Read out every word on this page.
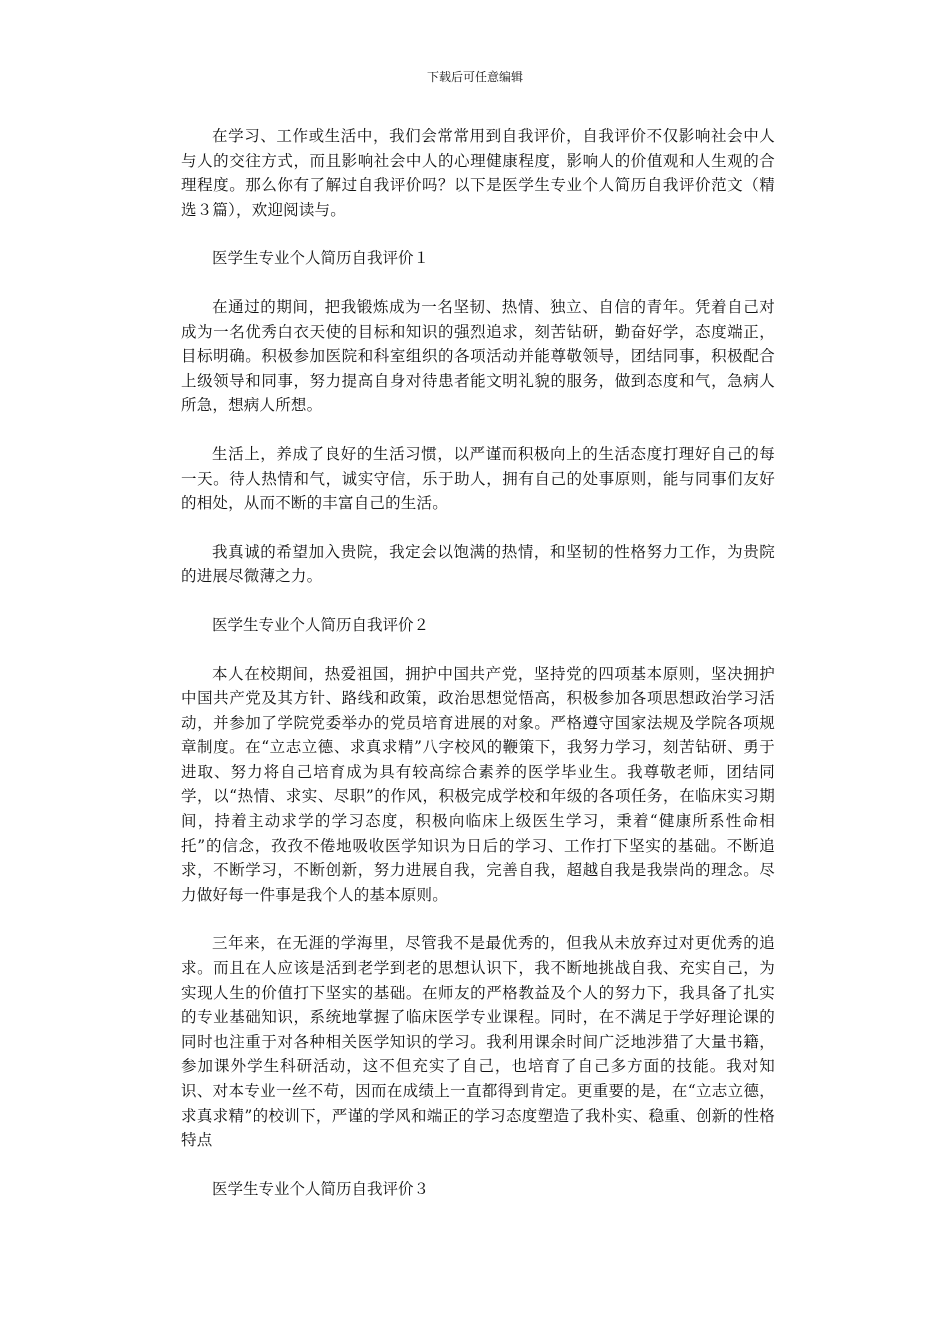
下载后可任意编辑

在学习、工作或生活中，我们会常常用到自我评价，自我评价不仅影响社会中人与人的交往方式，而且影响社会中人的心理健康程度，影响人的价值观和人生观的合理程度。那么你有了解过自我评价吗？以下是医学生专业个人简历自我评价范文（精选３篇），欢迎阅读与。

医学生专业个人简历自我评价１

在通过的期间，把我锻炼成为一名坚韧、热情、独立、自信的青年。凭着自己对成为一名优秀白衣天使的目标和知识的强烈追求，刻苦钻研，勤奋好学，态度端正，目标明确。积极参加医院和科室组织的各项活动并能尊敬领导，团结同事，积极配合上级领导和同事，努力提高自身对待患者能文明礼貌的服务，做到态度和气，急病人所急，想病人所想。

生活上，养成了良好的生活习惯，以严谨而积极向上的生活态度打理好自己的每一天。待人热情和气，诚实守信，乐于助人，拥有自己的处事原则，能与同事们友好的相处，从而不断的丰富自己的生活。

我真诚的希望加入贵院，我定会以饱满的热情，和坚韧的性格努力工作，为贵院的进展尽微薄之力。

医学生专业个人简历自我评价２

本人在校期间，热爱祖国，拥护中国共产党，坚持党的四项基本原则，坚决拥护中国共产党及其方针、路线和政策，政治思想觉悟高，积极参加各项思想政治学习活动，并参加了学院党委举办的党员培育进展的对象。严格遵守国家法规及学院各项规章制度。在“立志立德、求真求精”八字校风的鞭策下，我努力学习，刻苦钻研、勇于进取、努力将自己培育成为具有较高综合素养的医学毕业生。我尊敬老师，团结同学，以“热情、求实、尽职”的作风，积极完成学校和年级的各项任务，在临床实习期间，持着主动求学的学习态度，积极向临床上级医生学习，秉着“健康所系性命相托”的信念，孜孜不倦地吸收医学知识为日后的学习、工作打下坚实的基础。不断追求，不断学习，不断创新，努力进展自我，完善自我，超越自我是我崇尚的理念。尽力做好每一件事是我个人的基本原则。

三年来，在无涯的学海里，尽管我不是最优秀的，但我从未放弃过对更优秀的追求。而且在人应该是活到老学到老的思想认识下，我不断地挑战自我、充实自己，为实现人生的价值打下坚实的基础。在师友的严格教益及个人的努力下，我具备了扎实的专业基础知识，系统地掌握了临床医学专业课程。同时，在不满足于学好理论课的同时也注重于对各种相关医学知识的学习。我利用课余时间广泛地涉猎了大量书籍，参加课外学生科研活动，这不但充实了自己，也培育了自己多方面的技能。我对知识、对本专业一丝不苟，因而在成绩上一直都得到肯定。更重要的是，在“立志立德，求真求精”的校训下，严谨的学风和端正的学习态度塑造了我朴实、稳重、创新的性格特点

医学生专业个人简历自我评价３
